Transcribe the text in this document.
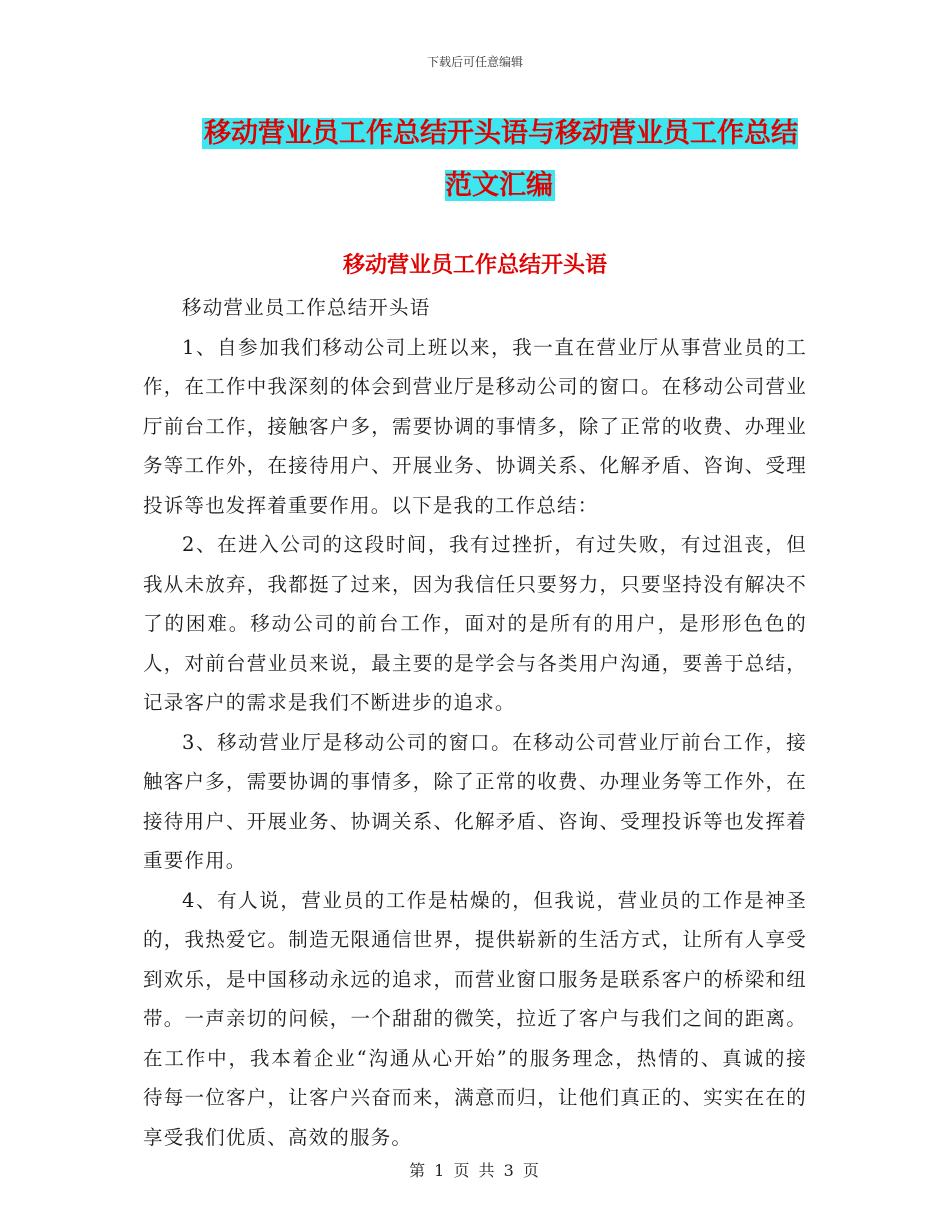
下载后可任意编辑
移动营业员工作总结开头语与移动营业员工作总结范文汇编
移动营业员工作总结开头语

移动营业员工作总结开头语

1、自参加我们移动公司上班以来，我一直在营业厅从事营业员的工作，在工作中我深刻的体会到营业厅是移动公司的窗口。在移动公司营业厅前台工作，接触客户多，需要协调的事情多，除了正常的收费、办理业务等工作外，在接待用户、开展业务、协调关系、化解矛盾、咨询、受理投诉等也发挥着重要作用。以下是我的工作总结：

2、在进入公司的这段时间，我有过挫折，有过失败，有过沮丧，但我从未放弃，我都挺了过来，因为我信任只要努力，只要坚持没有解决不了的困难。移动公司的前台工作，面对的是所有的用户，是形形色色的人，对前台营业员来说，最主要的是学会与各类用户沟通，要善于总结，记录客户的需求是我们不断进步的追求。

3、移动营业厅是移动公司的窗口。在移动公司营业厅前台工作，接触客户多，需要协调的事情多，除了正常的收费、办理业务等工作外，在接待用户、开展业务、协调关系、化解矛盾、咨询、受理投诉等也发挥着重要作用。

4、有人说，营业员的工作是枯燥的，但我说，营业员的工作是神圣的，我热爱它。制造无限通信世界，提供崭新的生活方式，让所有人享受到欢乐，是中国移动永远的追求，而营业窗口服务是联系客户的桥梁和纽带。一声亲切的问候，一个甜甜的微笑，拉近了客户与我们之间的距离。在工作中，我本着企业“沟通从心开始”的服务理念，热情的、真诚的接待每一位客户，让客户兴奋而来，满意而归，让他们真正的、实实在在的享受我们优质、高效的服务。

第 1 页 共 3 页
